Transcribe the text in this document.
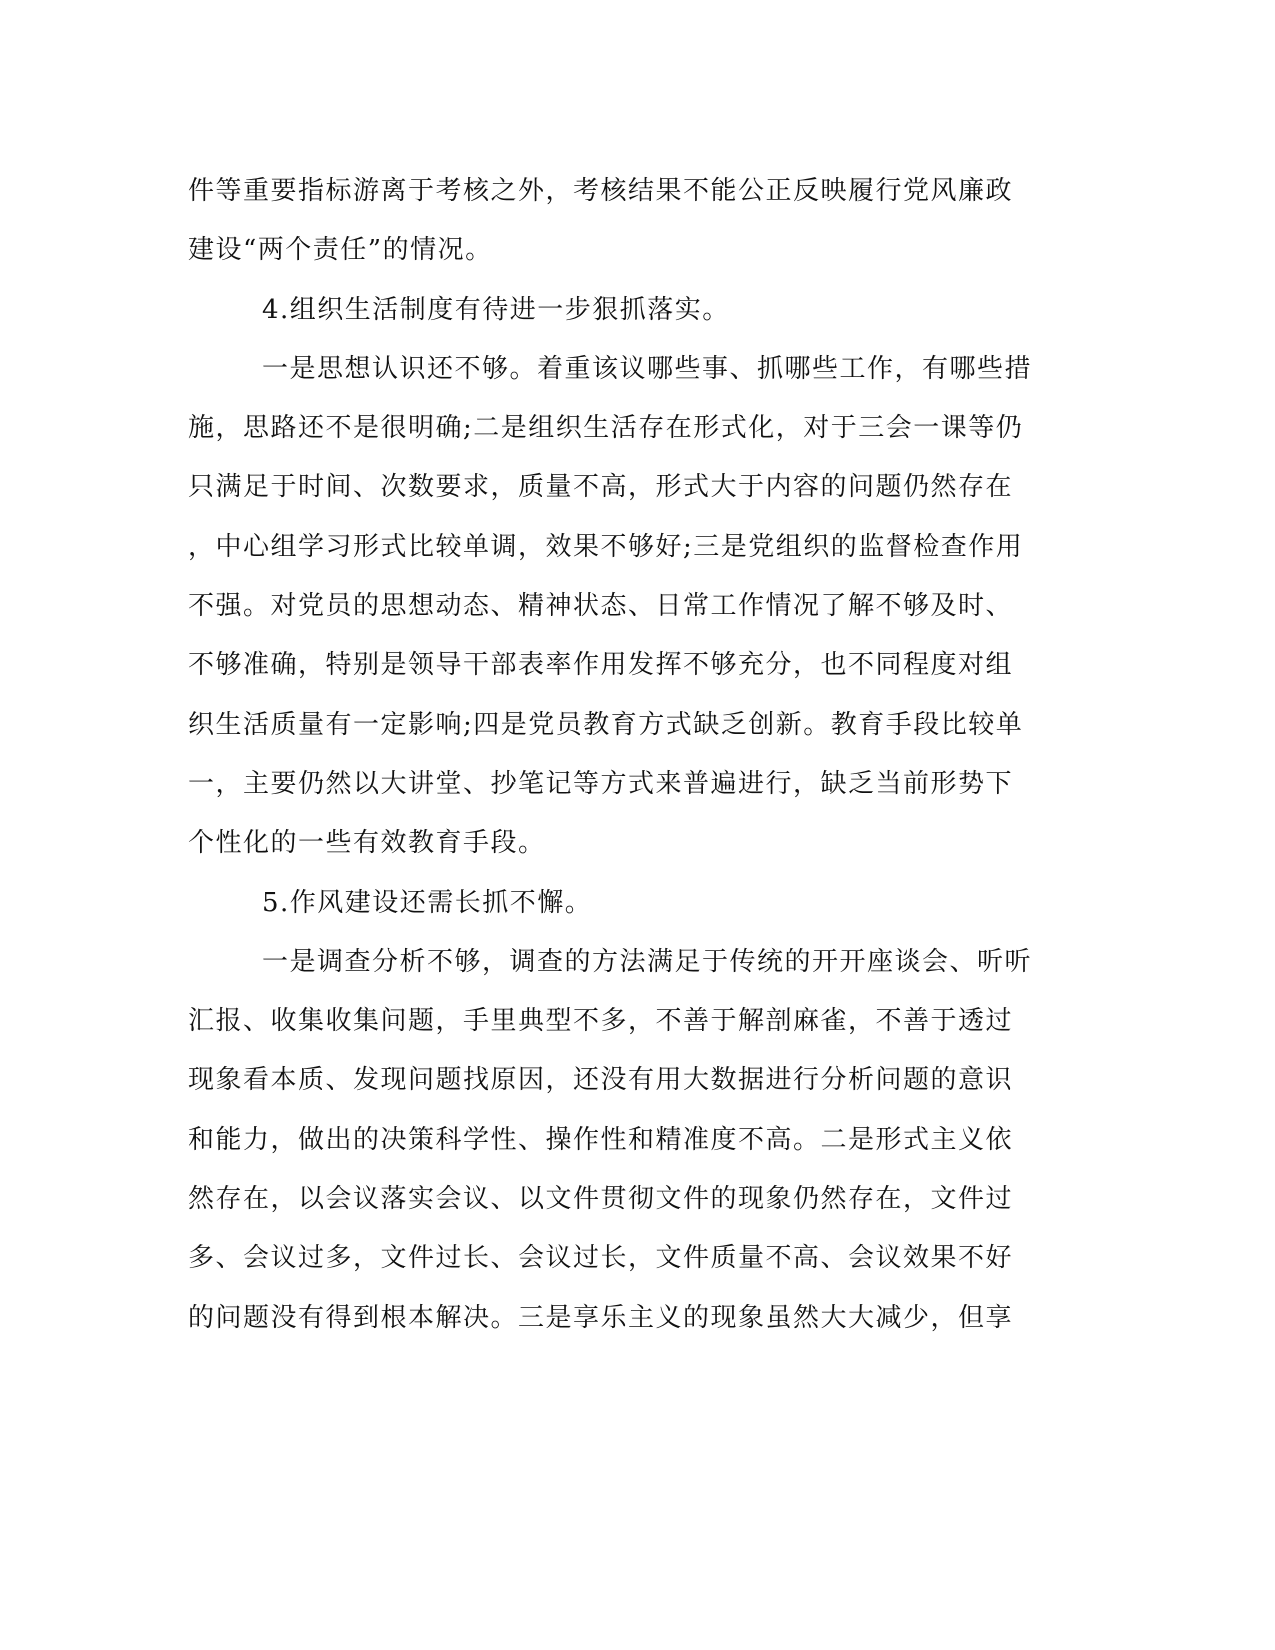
件等重要指标游离于考核之外，考核结果不能公正反映履行党风廉政
建设“两个责任”的情况。
4.组织生活制度有待进一步狠抓落实。
一是思想认识还不够。着重该议哪些事、抓哪些工作，有哪些措
施，思路还不是很明确;二是组织生活存在形式化，对于三会一课等仍
只满足于时间、次数要求，质量不高，形式大于内容的问题仍然存在
，中心组学习形式比较单调，效果不够好;三是党组织的监督检查作用
不强。对党员的思想动态、精神状态、日常工作情况了解不够及时、
不够准确，特别是领导干部表率作用发挥不够充分，也不同程度对组
织生活质量有一定影响;四是党员教育方式缺乏创新。教育手段比较单
一，主要仍然以大讲堂、抄笔记等方式来普遍进行，缺乏当前形势下
个性化的一些有效教育手段。
5.作风建设还需长抓不懈。
一是调查分析不够，调查的方法满足于传统的开开座谈会、听听
汇报、收集收集问题，手里典型不多，不善于解剖麻雀，不善于透过
现象看本质、发现问题找原因，还没有用大数据进行分析问题的意识
和能力，做出的决策科学性、操作性和精准度不高。二是形式主义依
然存在，以会议落实会议、以文件贯彻文件的现象仍然存在，文件过
多、会议过多，文件过长、会议过长，文件质量不高、会议效果不好
的问题没有得到根本解决。三是享乐主义的现象虽然大大减少，但享
